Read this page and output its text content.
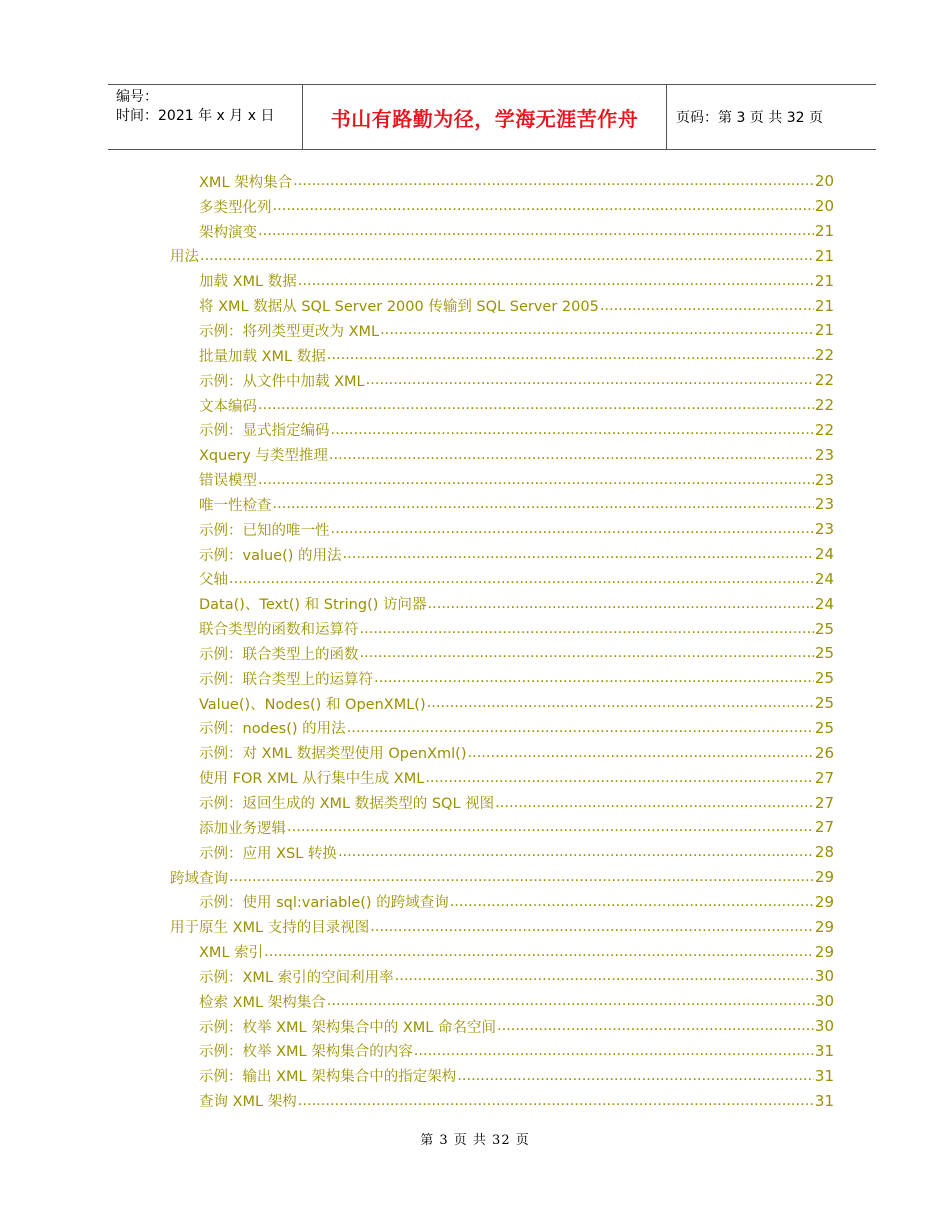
编号：
时间：2021 年 x 月 x 日	书山有路勤为径，学海无涯苦作舟	页码：第 3 页 共 32 页
XML 架构集合 .....	20
多类型化列 .....	20
架构演变 .....	21
用法 .....	21
加载 XML 数据 .....	21
将 XML 数据从 SQL Server 2000 传输到 SQL Server 2005 .....	21
示例：将列类型更改为 XML .....	21
批量加载 XML 数据 .....	22
示例：从文件中加载 XML .....	22
文本编码 .....	22
示例：显式指定编码 .....	22
Xquery 与类型推理 .....	23
错误模型 .....	23
唯一性检查 .....	23
示例：已知的唯一性 .....	23
示例：value() 的用法 .....	24
父轴 .....	24
Data()、Text() 和 String() 访问器 .....	24
联合类型的函数和运算符 .....	25
示例：联合类型上的函数 .....	25
示例：联合类型上的运算符 .....	25
Value()、Nodes() 和 OpenXML() .....	25
示例：nodes() 的用法 .....	25
示例：对 XML 数据类型使用 OpenXml() .....	26
使用 FOR XML 从行集中生成 XML .....	27
示例：返回生成的 XML 数据类型的 SQL 视图 .....	27
添加业务逻辑 .....	27
示例：应用 XSL 转换 .....	28
跨域查询 .....	29
示例：使用 sql:variable() 的跨域查询 .....	29
用于原生 XML 支持的目录视图 .....	29
XML 索引 .....	29
示例：XML 索引的空间利用率 .....	30
检索 XML 架构集合 .....	30
示例：枚举 XML 架构集合中的 XML 命名空间 .....	30
示例：枚举 XML 架构集合的内容 .....	31
示例：输出 XML 架构集合中的指定架构 .....	31
查询 XML 架构 .....	31
第 3 页 共 32 页
